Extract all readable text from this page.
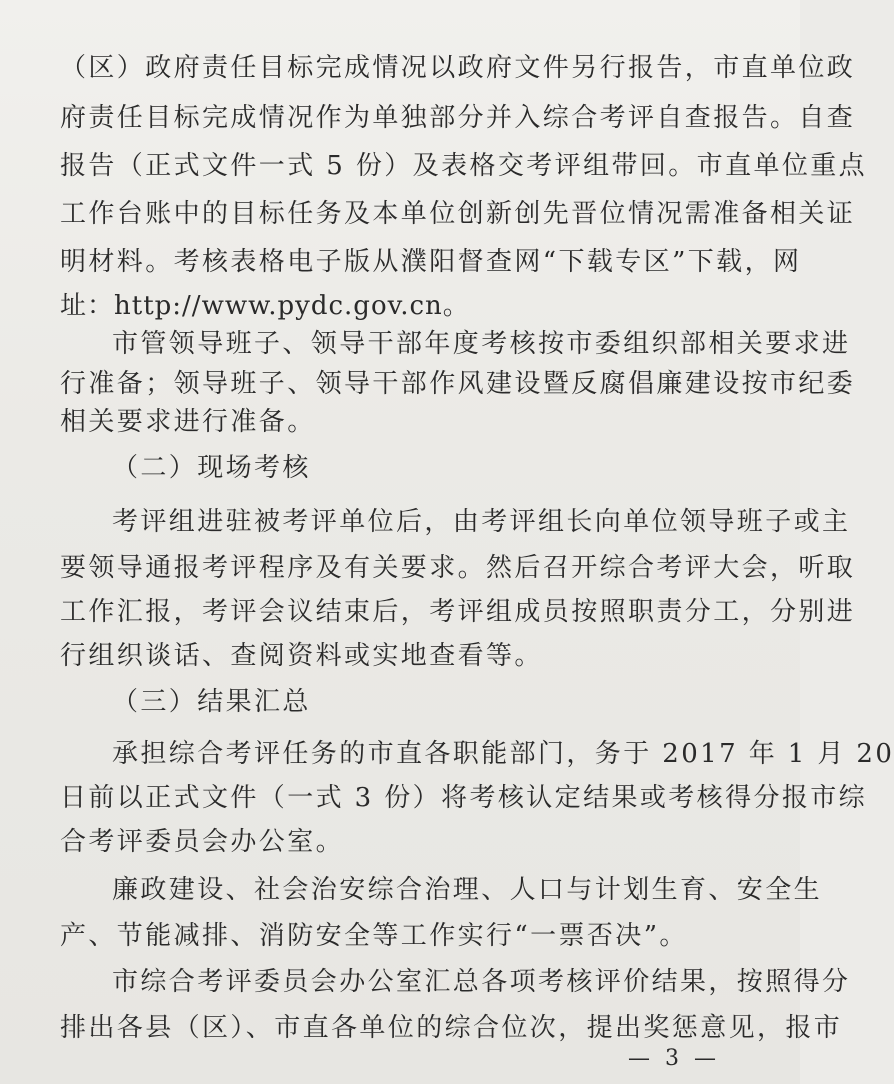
（区）政府责任目标完成情况以政府文件另行报告，市直单位政
府责任目标完成情况作为单独部分并入综合考评自查报告。自查
报告（正式文件一式 5 份）及表格交考评组带回。市直单位重点
工作台账中的目标任务及本单位创新创先晋位情况需准备相关证
明材料。考核表格电子版从濮阳督查网“下载专区”下载，网
址：http://www.pydc.gov.cn。
市管领导班子、领导干部年度考核按市委组织部相关要求进
行准备；领导班子、领导干部作风建设暨反腐倡廉建设按市纪委
相关要求进行准备。
（二）现场考核
考评组进驻被考评单位后，由考评组长向单位领导班子或主
要领导通报考评程序及有关要求。然后召开综合考评大会，听取
工作汇报，考评会议结束后，考评组成员按照职责分工，分别进
行组织谈话、查阅资料或实地查看等。
（三）结果汇总
承担综合考评任务的市直各职能部门，务于 2017 年 1 月 20
日前以正式文件（一式 3 份）将考核认定结果或考核得分报市综
合考评委员会办公室。
廉政建设、社会治安综合治理、人口与计划生育、安全生
产、节能减排、消防安全等工作实行“一票否决”。
市综合考评委员会办公室汇总各项考核评价结果，按照得分
排出各县（区）、市直各单位的综合位次，提出奖惩意见，报市
— 3 —
